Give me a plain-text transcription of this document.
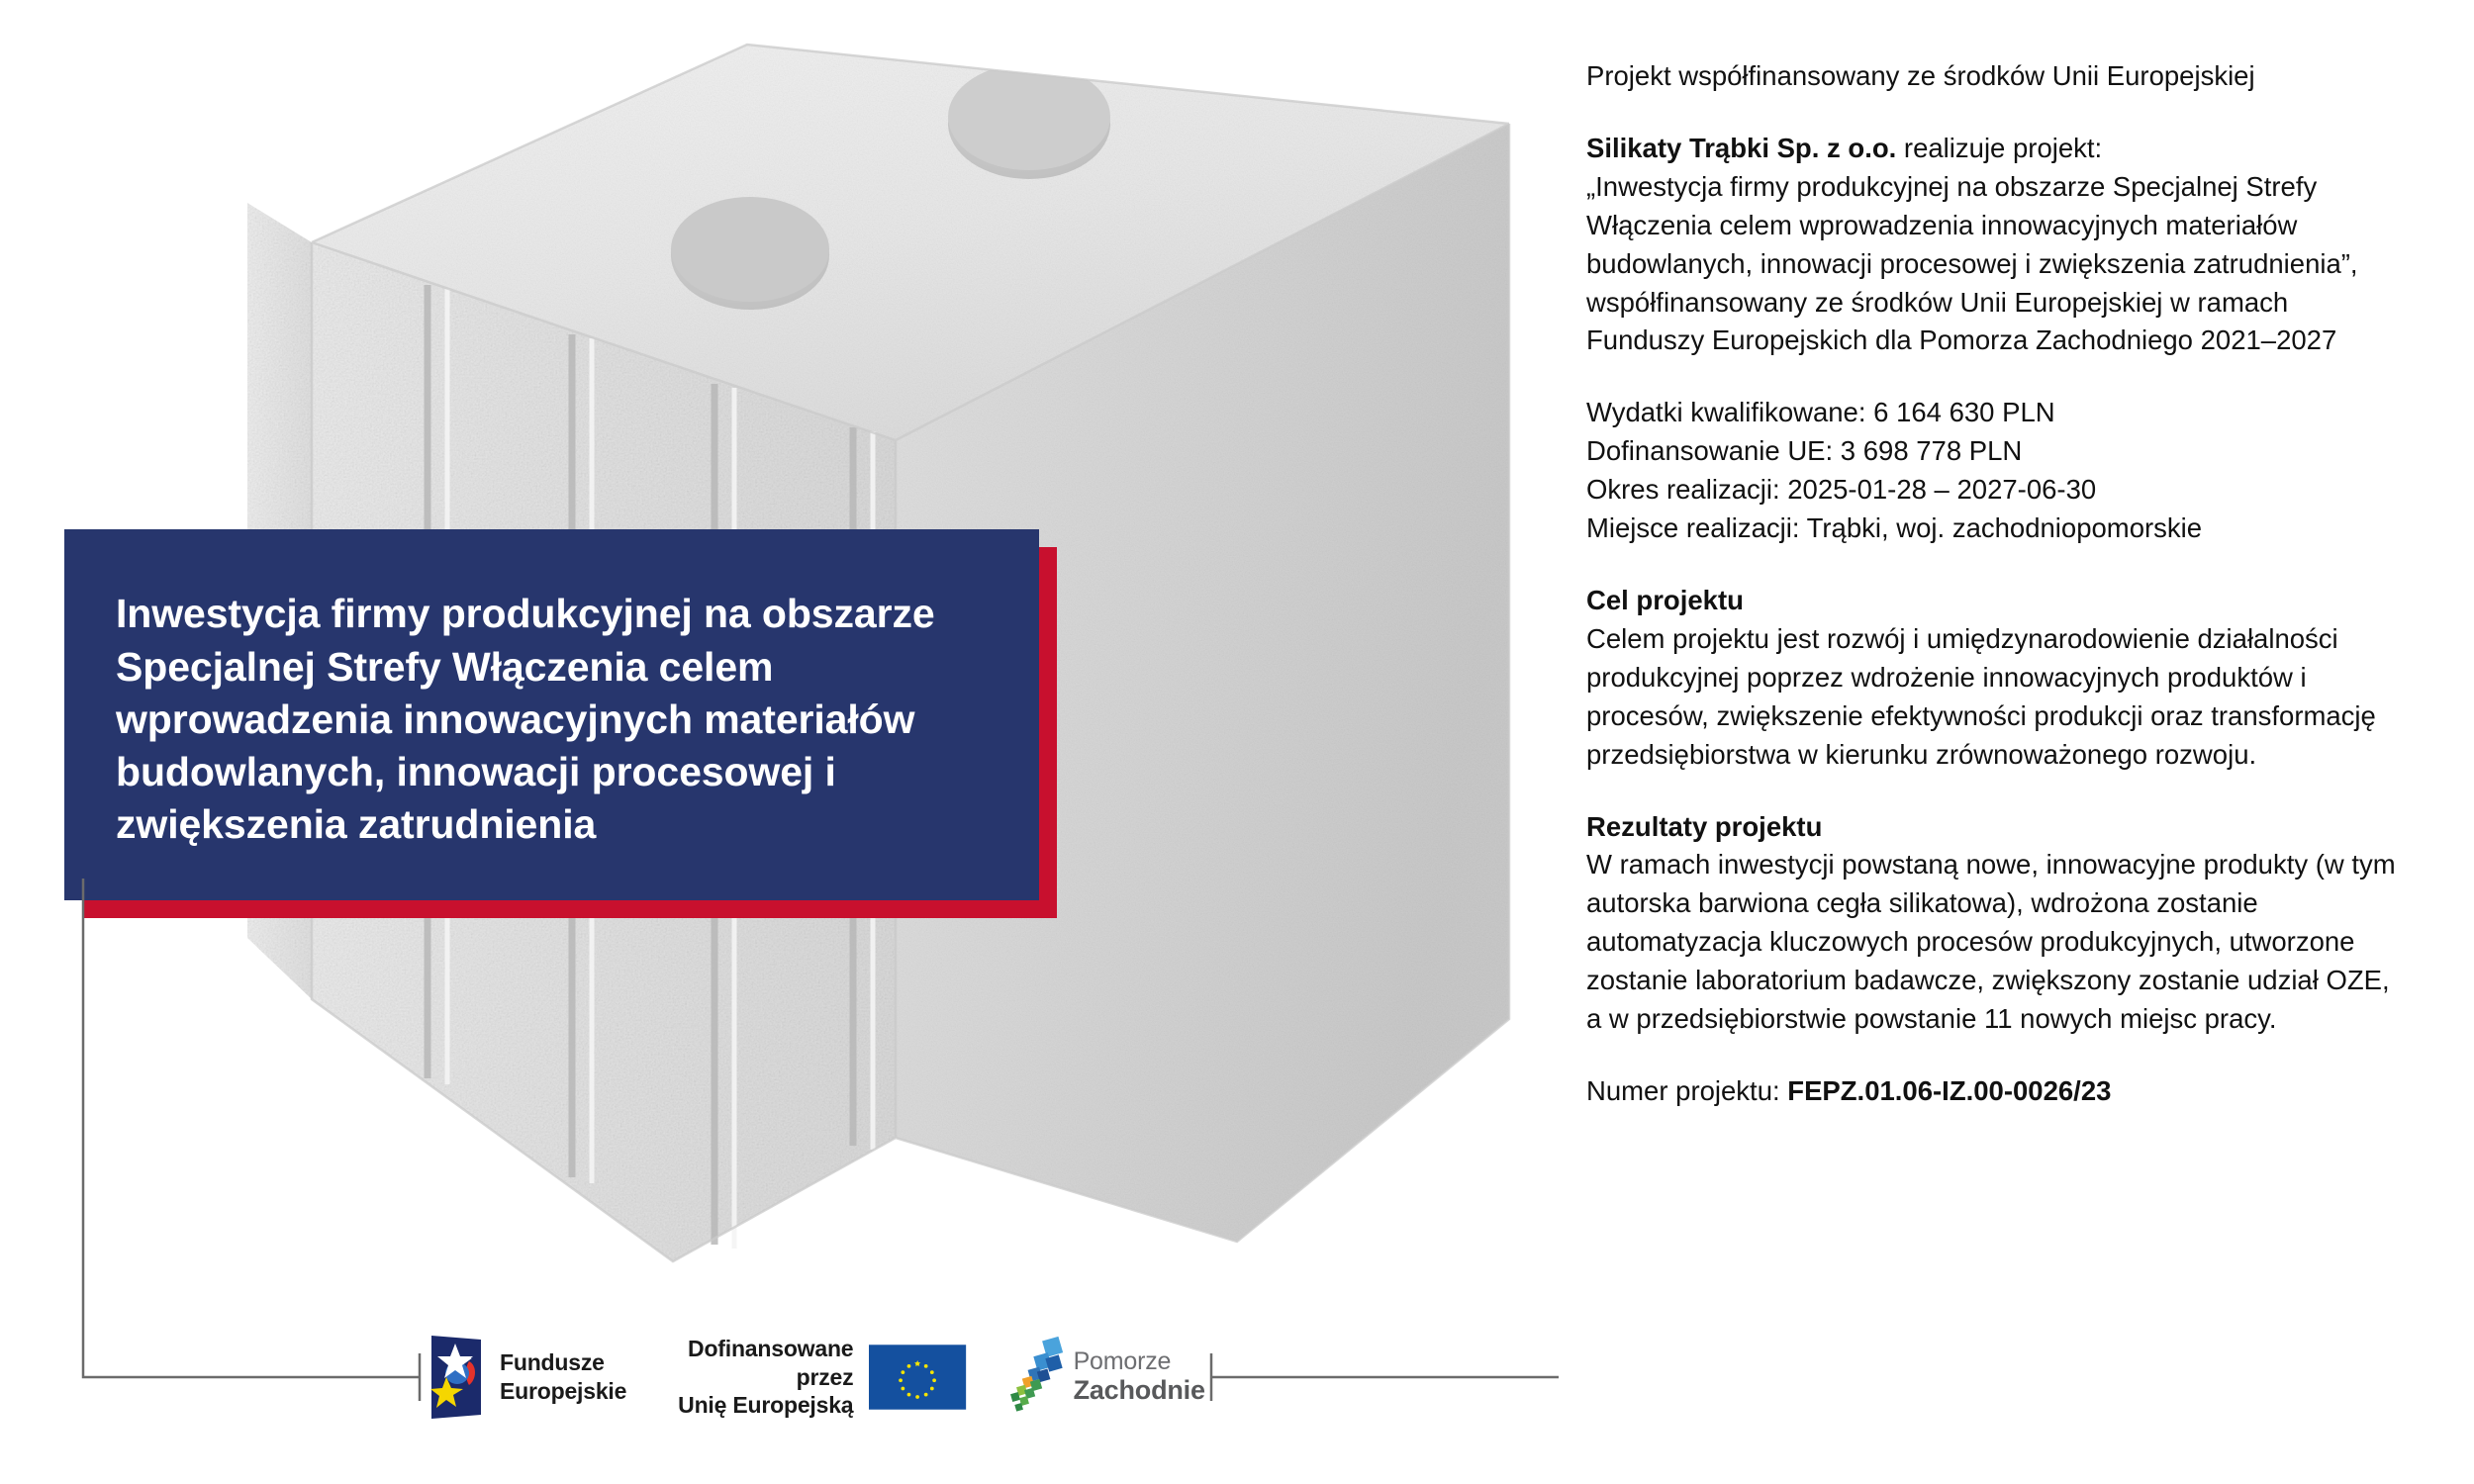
Inwestycja firmy produkcyjnej na obszarze Specjalnej Strefy Włączenia celem wprowadzenia innowacyjnych materiałów budowlanych, innowacji procesowej i zwiększenia zatrudnienia
Fundusze
Europejskie
Dofinansowane przez
Unię Europejską
Pomorze
Zachodnie

Projekt współfinansowany ze środków Unii Europejskiej

Silikaty Trąbki Sp. z o.o. realizuje projekt:
„Inwestycja firmy produkcyjnej na obszarze Specjalnej Strefy Włączenia celem wprowadzenia innowacyjnych materiałów budowlanych, innowacji procesowej i zwiększenia zatrudnienia”,
współfinansowany ze środków Unii Europejskiej w ramach Funduszy Europejskich dla Pomorza Zachodniego 2021–2027
Wydatki kwalifikowane: 6 164 630 PLN
Dofinansowanie UE: 3 698 778 PLN
Okres realizacji: 2025-01-28 – 2027-06-30
Miejsce realizacji: Trąbki, woj. zachodniopomorskie
Cel projektu
Celem projektu jest rozwój i umiędzynarodowienie działalności produkcyjnej poprzez wdrożenie innowacyjnych produktów i procesów, zwiększenie efektywności produkcji oraz transformację przedsiębiorstwa w kierunku zrównoważonego rozwoju.
Rezultaty projektu
W ramach inwestycji powstaną nowe, innowacyjne produkty (w tym autorska barwiona cegła silikatowa), wdrożona zostanie automatyzacja kluczowych procesów produkcyjnych, utworzone zostanie laboratorium badawcze, zwiększony zostanie udział OZE, a w przedsiębiorstwie powstanie 11 nowych miejsc pracy.
Numer projektu: FEPZ.01.06-IZ.00-0026/23
